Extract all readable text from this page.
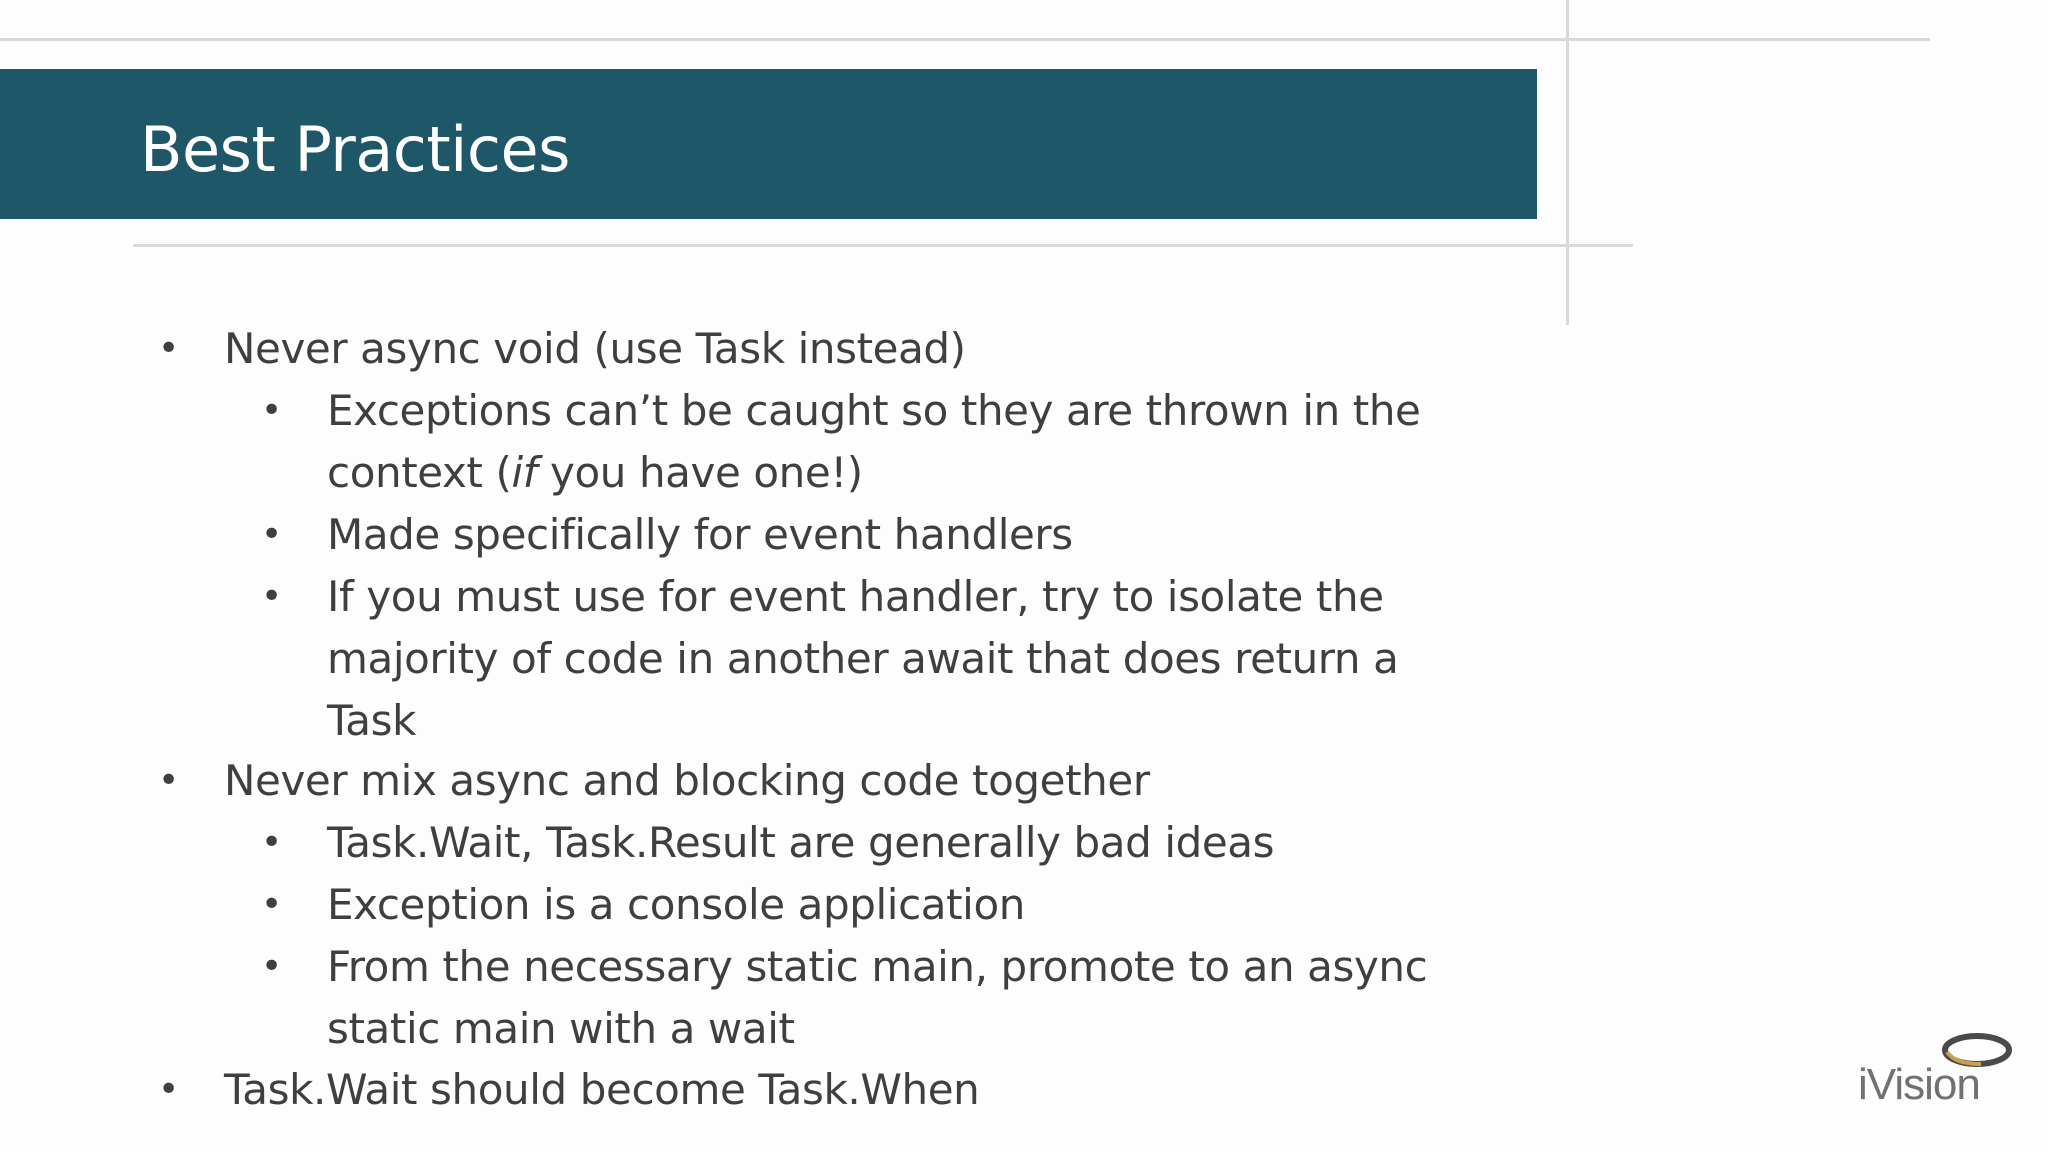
Best Practices
• Never async void (use Task instead)
• Exceptions can’t be caught so they are thrown in the
context (if you have one!)
• Made specifically for event handlers
• If you must use for event handler, try to isolate the
majority of code in another await that does return a
Task
• Never mix async and blocking code together
• Task.Wait, Task.Result are generally bad ideas
• Exception is a console application
• From the necessary static main, promote to an async
static main with a wait
• Task.Wait should become Task.When	iVision
